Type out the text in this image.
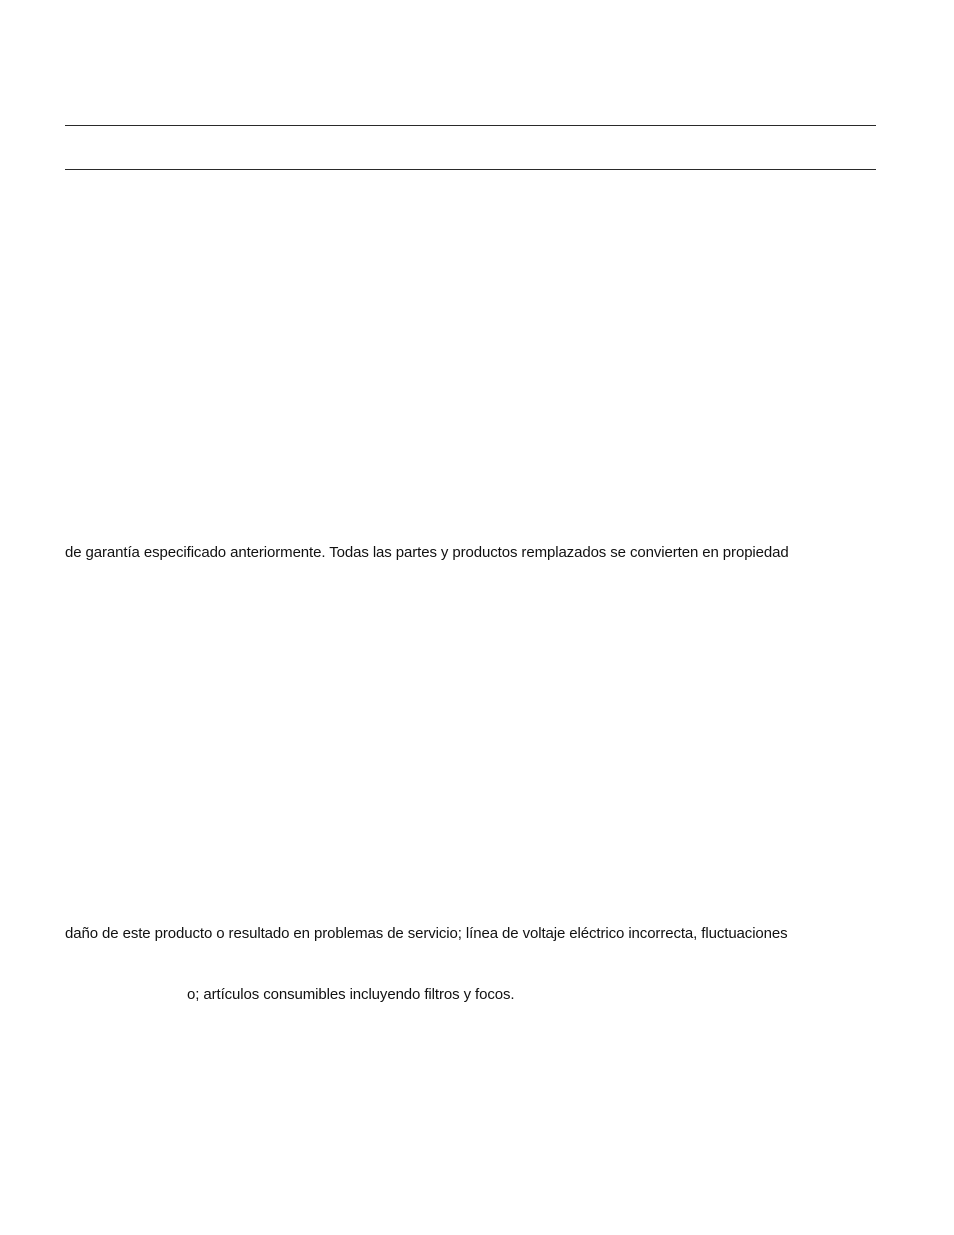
de garantía especificado anteriormente. Todas las partes y productos remplazados se convierten en propiedad
daño de este producto o resultado en problemas de servicio; línea de voltaje eléctrico incorrecta, fluctuaciones
o; artículos consumibles incluyendo filtros y focos.
